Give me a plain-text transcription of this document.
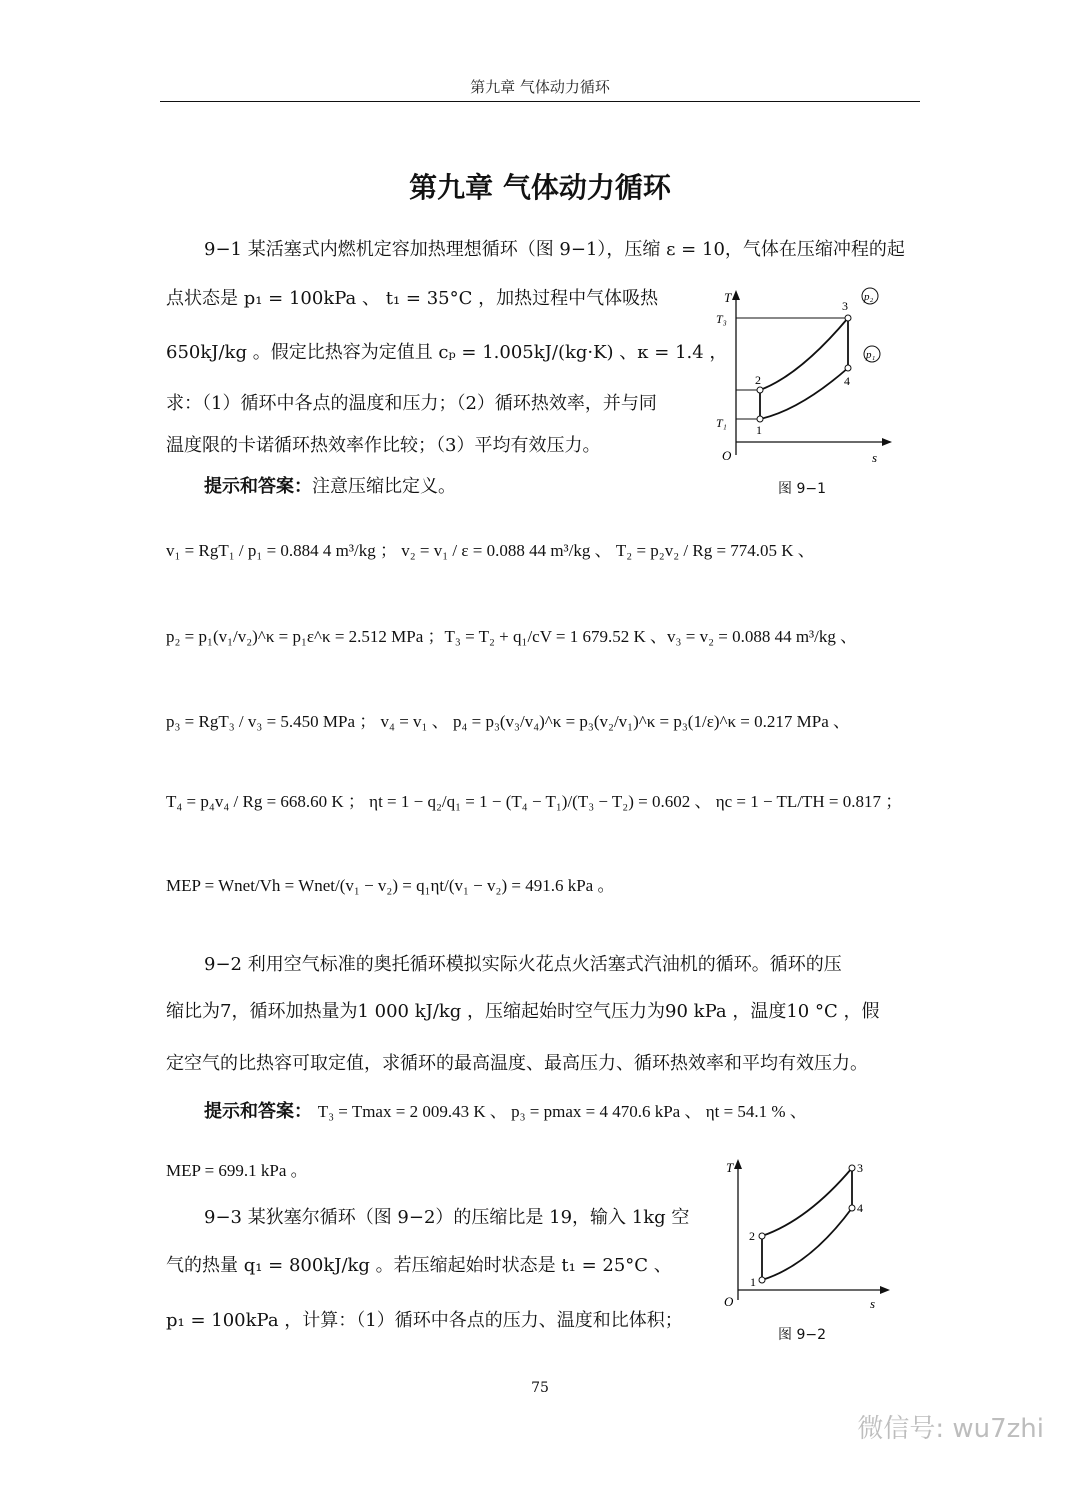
第九章 气体动力循环
第九章 气体动力循环
9−1 某活塞式内燃机定容加热理想循环（图 9−1），压缩 ε = 10，气体在压缩冲程的起
点状态是 p₁ = 100kPa 、 t₁ = 35°C ，加热过程中气体吸热
650kJ/kg 。假定比热容为定值且 cₚ = 1.005kJ/(kg·K) 、κ = 1.4 ，
求：（1）循环中各点的温度和压力；（2）循环热效率，并与同
温度限的卡诺循环热效率作比较；（3）平均有效压力。
提示和答案：注意压缩比定义。
v₁ = RgT₁ / p₁ = 0.884 4 m³/kg ； v₂ = v₁ / ε = 0.088 44 m³/kg 、 T₂ = p₂v₂ / Rg = 774.05 K 、
p₂ = p₁(v₁/v₂)^κ = p₁ε^κ = 2.512 MPa ；T₃ = T₂ + q₁/cV = 1 679.52 K 、v₃ = v₂ = 0.088 44 m³/kg 、
p₃ = RgT₃ / v₃ = 5.450 MPa ； v₄ = v₁ 、 p₄ = p₃(v₃/v₄)^κ = p₃(v₂/v₁)^κ = p₃(1/ε)^κ = 0.217 MPa 、
T₄ = p₄v₄ / Rg = 668.60 K ； ηt = 1 − q₂/q₁ = 1 − (T₄ − T₁)/(T₃ − T₂) = 0.602 、 ηc = 1 − TL/TH = 0.817 ；
MEP = Wnet/Vh = Wnet/(v₁ − v₂) = q₁ηt/(v₁ − v₂) = 491.6 kPa 。
T
s
O
T₃
T₁ 1
2
3
4
p₂
p₁
图 9−1
9−2 利用空气标准的奥托循环模拟实际火花点火活塞式汽油机的循环。循环的压
缩比为7，循环加热量为1 000 kJ/kg ，压缩起始时空气压力为90 kPa ，温度10 °C ，假
定空气的比热容可取定值，求循环的最高温度、最高压力、循环热效率和平均有效压力。
提示和答案： T₃ = Tmax = 2 009.43 K 、 p₃ = pmax = 4 470.6 kPa 、 ηt = 54.1 % 、
MEP = 699.1 kPa 。
9−3 某狄塞尔循环（图 9−2）的压缩比是 19，输入 1kg 空
气的热量 q₁ = 800kJ/kg 。若压缩起始时状态是 t₁ = 25°C 、
p₁ = 100kPa ，计算：（1）循环中各点的压力、温度和比体积；
T
s
O
1
2
3
4
图 9−2
75
微信号: wu7zhi
